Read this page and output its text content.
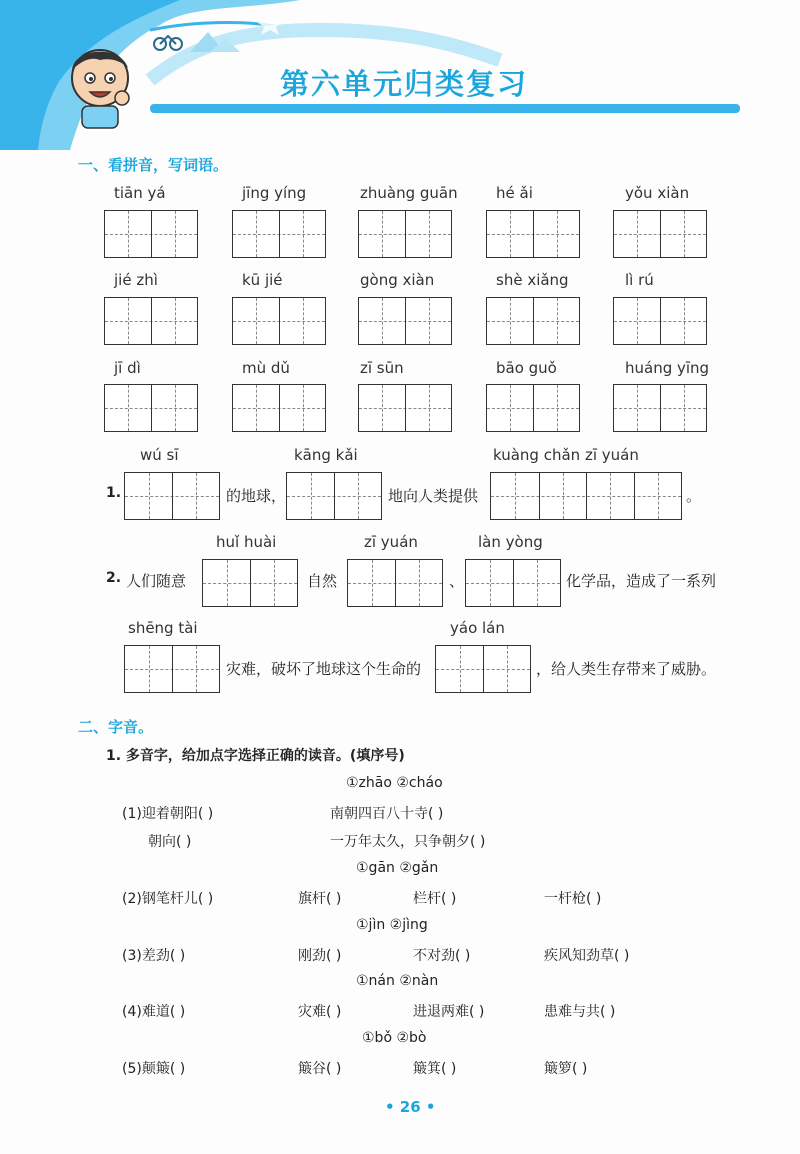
第六单元归类复习
一、看拼音，写词语。
tiān yá	jīng yíng	zhuàng guān	hé ǎi	yǒu xiàn
jié zhì	kū jié	gòng xiàn	shè xiǎng	lì rú
jī dì	mù dǔ	zī sūn	bāo guǒ	huáng yīng
1.
wú sī
的地球，
kāng kǎi
地向人类提供
kuàng chǎn zī yuán
。
2. 人们随意
huǐ huài
自然
zī yuán
、
làn yòng
化学品，造成了一系列
shēng tài
灾难，破坏了地球这个生命的
yáo lán
，给人类生存带来了威胁。
二、字音。
1. 多音字，给加点字选择正确的读音。(填序号)
①zhāo ②cháo
(1)迎着朝阳( )	南朝四百八十寺( )
朝向( )	一万年太久，只争朝夕( )
①gān ②gǎn
(2)钢笔杆儿( )	旗杆( )	栏杆( )	一杆枪( )
①jìn ②jìng
(3)差劲( )	刚劲( )	不对劲( )	疾风知劲草( )
①nán ②nàn
(4)难道( )	灾难( )	进退两难( )	患难与共( )
①bǒ ②bò
(5)颠簸( )	簸谷( )	簸箕( )	簸箩( )
• 26 •
